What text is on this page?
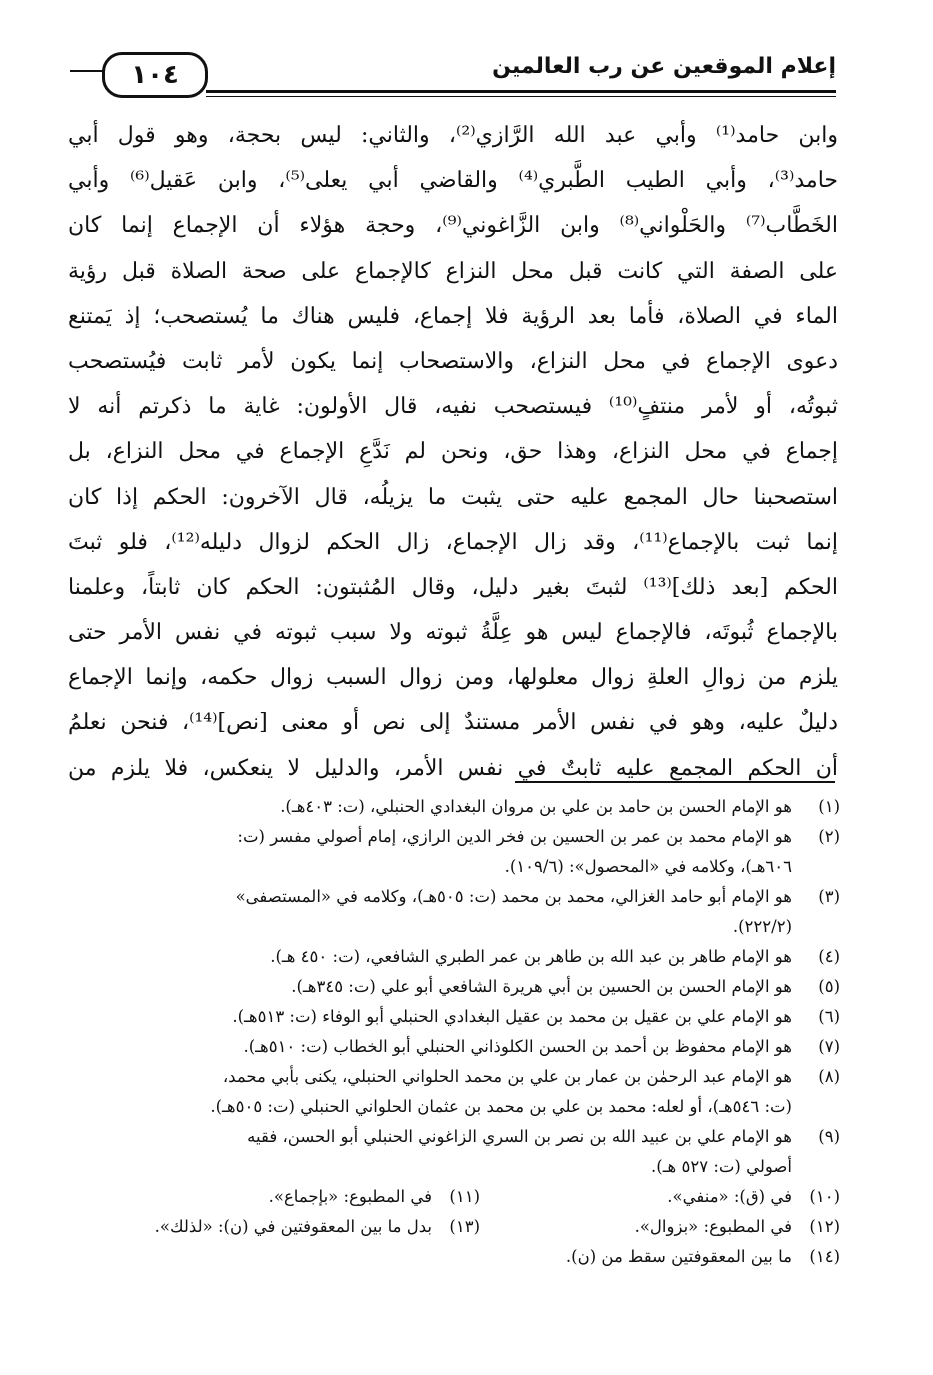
إعلام الموقعين عن رب العالمين
١٠٤
وابن حامد⁽¹⁾ وأبي عبد الله الرَّازي⁽²⁾، والثاني: ليس بحجة، وهو قول أبي
حامد⁽³⁾، وأبي الطيب الطَّبري⁽⁴⁾ والقاضي أبي يعلى⁽⁵⁾، وابن عَقيل⁽⁶⁾ وأبي
الخَطَّاب⁽⁷⁾ والحَلْواني⁽⁸⁾ وابن الزَّاغوني⁽⁹⁾، وحجة هؤلاء أن الإجماع إنما كان
على الصفة التي كانت قبل محل النزاع كالإجماع على صحة الصلاة قبل رؤية
الماء في الصلاة، فأما بعد الرؤية فلا إجماع، فليس هناك ما يُستصحب؛ إذ يَمتنع
دعوى الإجماع في محل النزاع، والاستصحاب إنما يكون لأمر ثابت فيُستصحب
ثبوتُه، أو لأمر منتفٍ⁽¹⁰⁾ فيستصحب نفيه، قال الأولون: غاية ما ذكرتم أنه لا
إجماع في محل النزاع، وهذا حق، ونحن لم نَدَّعِ الإجماع في محل النزاع، بل
استصحبنا حال المجمع عليه حتى يثبت ما يزيلُه، قال الآخرون: الحكم إذا كان
إنما ثبت بالإجماع⁽¹¹⁾، وقد زال الإجماع، زال الحكم لزوال دليله⁽¹²⁾، فلو ثبتَ
الحكم [بعد ذلك]⁽¹³⁾ لثبتَ بغير دليل، وقال المُثبتون: الحكم كان ثابتاً، وعلمنا
بالإجماع ثُبوتَه، فالإجماع ليس هو عِلَّةُ ثبوته ولا سبب ثبوته في نفس الأمر حتى
يلزم من زوالِ العلةِ زوال معلولها، ومن زوال السبب زوال حكمه، وإنما الإجماع
دليلٌ عليه، وهو في نفس الأمر مستندٌ إلى نص أو معنى [نص]⁽¹⁴⁾، فنحن نعلمُ
أن الحكم المجمع عليه ثابتٌ في نفس الأمر، والدليل لا ينعكس، فلا يلزم من
(١)
هو الإمام الحسن بن حامد بن علي بن مروان البغدادي الحنبلي، (ت: ٤٠٣هـ).
(٢)
هو الإمام محمد بن عمر بن الحسين بن فخر الدين الرازي، إمام أصولي مفسر (ت:
٦٠٦هـ)، وكلامه في «المحصول»: (١٠٩/٦).
(٣)
هو الإمام أبو حامد الغزالي، محمد بن محمد (ت: ٥٠٥هـ)، وكلامه في «المستصفى»
(٢٢٢/٢).
(٤)
هو الإمام طاهر بن عبد الله بن طاهر بن عمر الطبري الشافعي، (ت: ٤٥٠ هـ).
(٥)
هو الإمام الحسن بن الحسين بن أبي هريرة الشافعي أبو علي (ت: ٣٤٥هـ).
(٦)
هو الإمام علي بن عقيل بن محمد بن عقيل البغدادي الحنبلي أبو الوفاء (ت: ٥١٣هـ).
(٧)
هو الإمام محفوظ بن أحمد بن الحسن الكلوذاني الحنبلي أبو الخطاب (ت: ٥١٠هـ).
(٨)
هو الإمام عبد الرحمٰن بن عمار بن علي بن محمد الحلواني الحنبلي، يكنى بأبي محمد،
(ت: ٥٤٦هـ)، أو لعله: محمد بن علي بن محمد بن عثمان الحلواني الحنبلي (ت: ٥٠٥هـ).
(٩)
هو الإمام علي بن عبيد الله بن نصر بن السري الزاغوني الحنبلي أبو الحسن، فقيه
أصولي (ت: ٥٢٧ هـ).
(١٠)
في (ق): «منفي».
(١١)
في المطبوع: «بإجماع».
(١٢)
في المطبوع: «بزوال».
(١٣)
بدل ما بين المعقوفتين في (ن): «لذلك».
(١٤)
ما بين المعقوفتين سقط من (ن).
